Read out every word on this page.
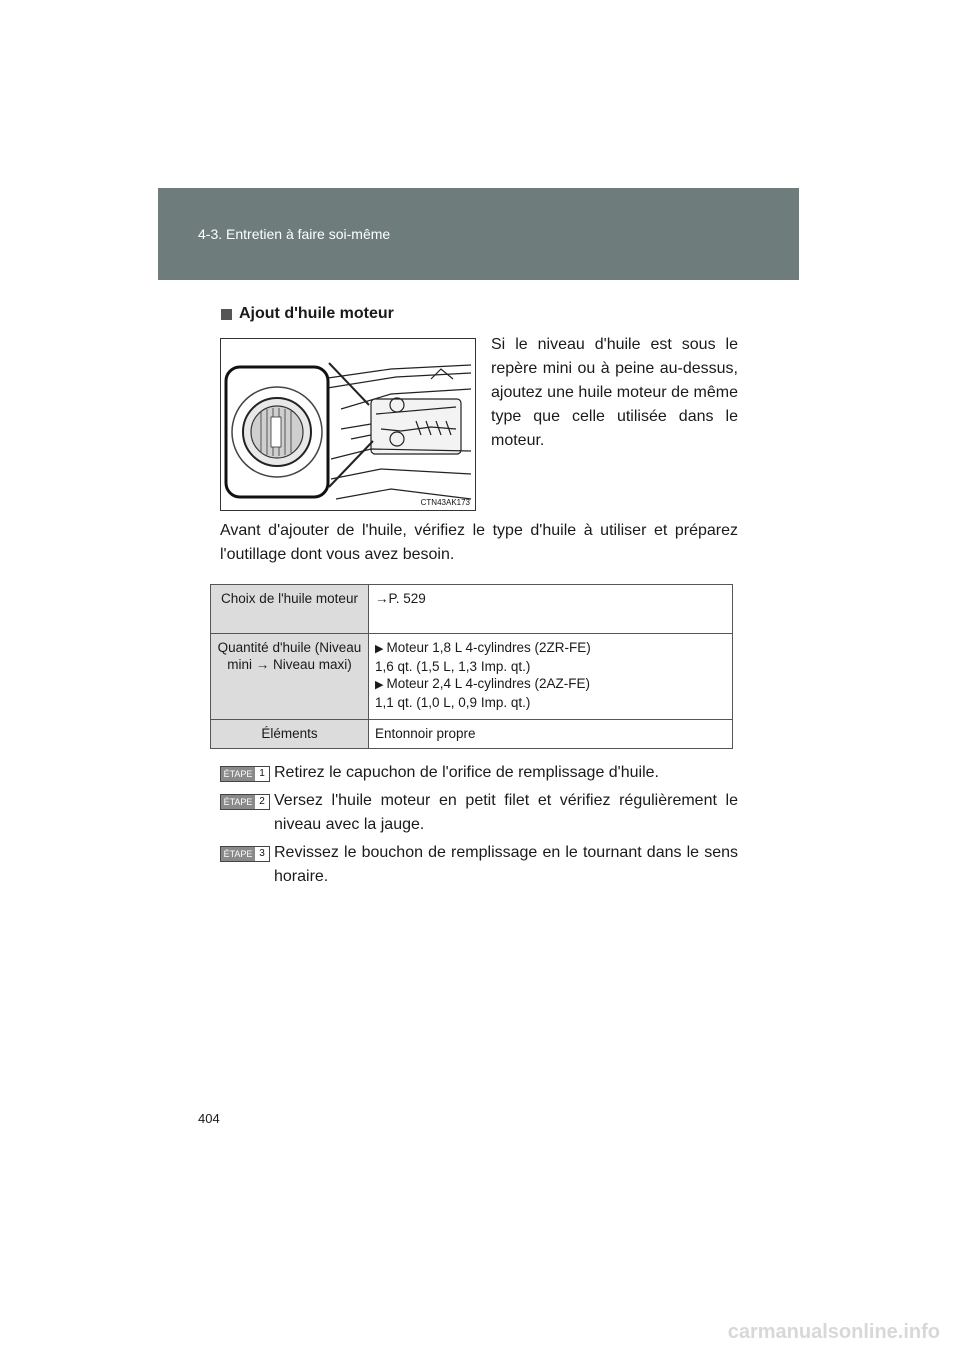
4-3. Entretien à faire soi-même
Ajout d'huile moteur
CTN43AK173
Si le niveau d'huile est sous le repère mini ou à peine au-dessus, ajoutez une huile moteur de même type que celle utilisée dans le moteur.
Avant d'ajouter de l'huile, vérifiez le type d'huile à utiliser et préparez l'outillage dont vous avez besoin.
Choix de l'huile moteur	→P. 529
Quantité d'huile (Niveau mini → Niveau maxi)	▶ Moteur 1,8 L 4-cylindres (2ZR-FE)
1,6 qt. (1,5 L, 1,3 Imp. qt.)
▶ Moteur 2,4 L 4-cylindres (2AZ-FE)
1,1 qt. (1,0 L, 0,9 Imp. qt.)

Éléments	Entonnoir propre
ÉTAPE 1 Retirez le capuchon de l'orifice de remplissage d'huile.
ÉTAPE 2 Versez l'huile moteur en petit filet et vérifiez régulièrement le niveau avec la jauge.
ÉTAPE 3 Revissez le bouchon de remplissage en le tournant dans le sens horaire.
404
carmanualsonline.info
